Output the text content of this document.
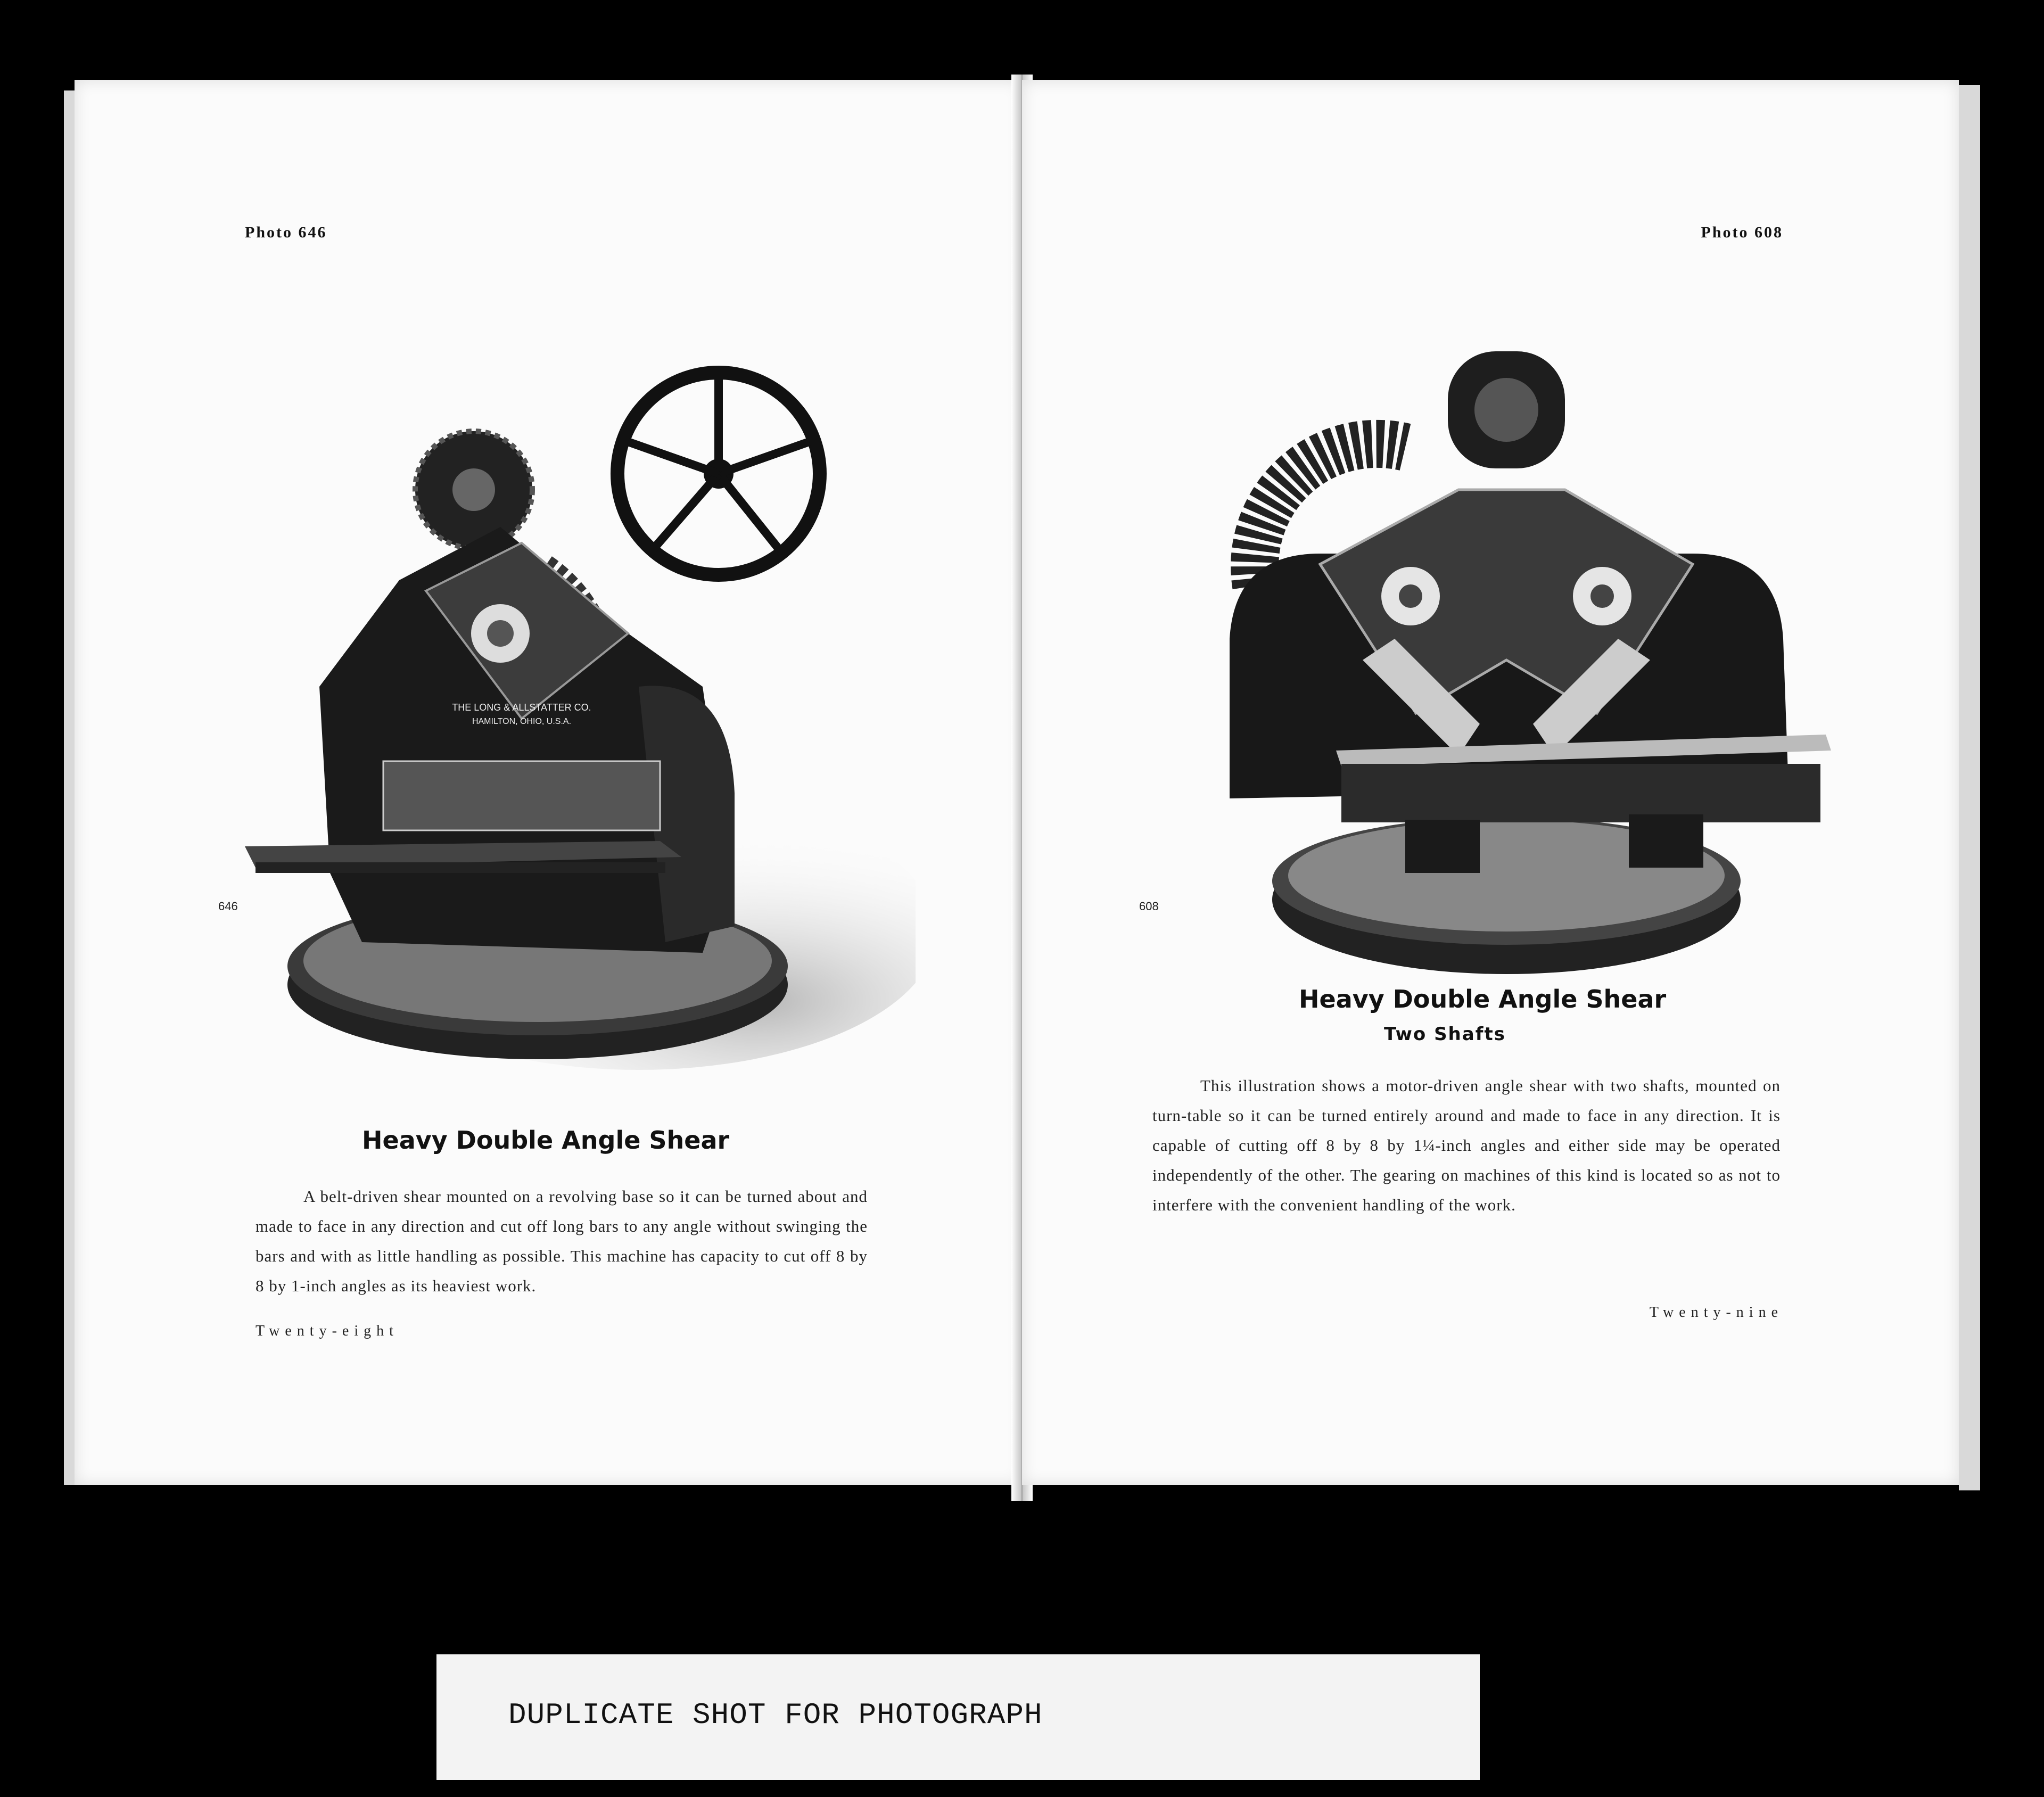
Photo 646
THE LONG & ALLSTATTER CO.
HAMILTON, OHIO, U.S.A.
646
Heavy Double Angle Shear
A belt-driven shear mounted on a revolving base so it can be turned about and made to face in any direction and cut off long bars to any angle without swinging the bars and with as little handling as possible. This machine has capacity to cut off 8 by 8 by 1-inch angles as its heaviest work.
Twenty-eight
Photo 608
608
Heavy Double Angle Shear
Two Shafts
This illustration shows a motor-driven angle shear with two shafts, mounted on turn-table so it can be turned entirely around and made to face in any direction. It is capable of cutting off 8 by 8 by 1¼-inch angles and either side may be operated independently of the other. The gearing on machines of this kind is located so as not to interfere with the convenient handling of the work.
Twenty-nine
DUPLICATE SHOT FOR PHOTOGRAPH
